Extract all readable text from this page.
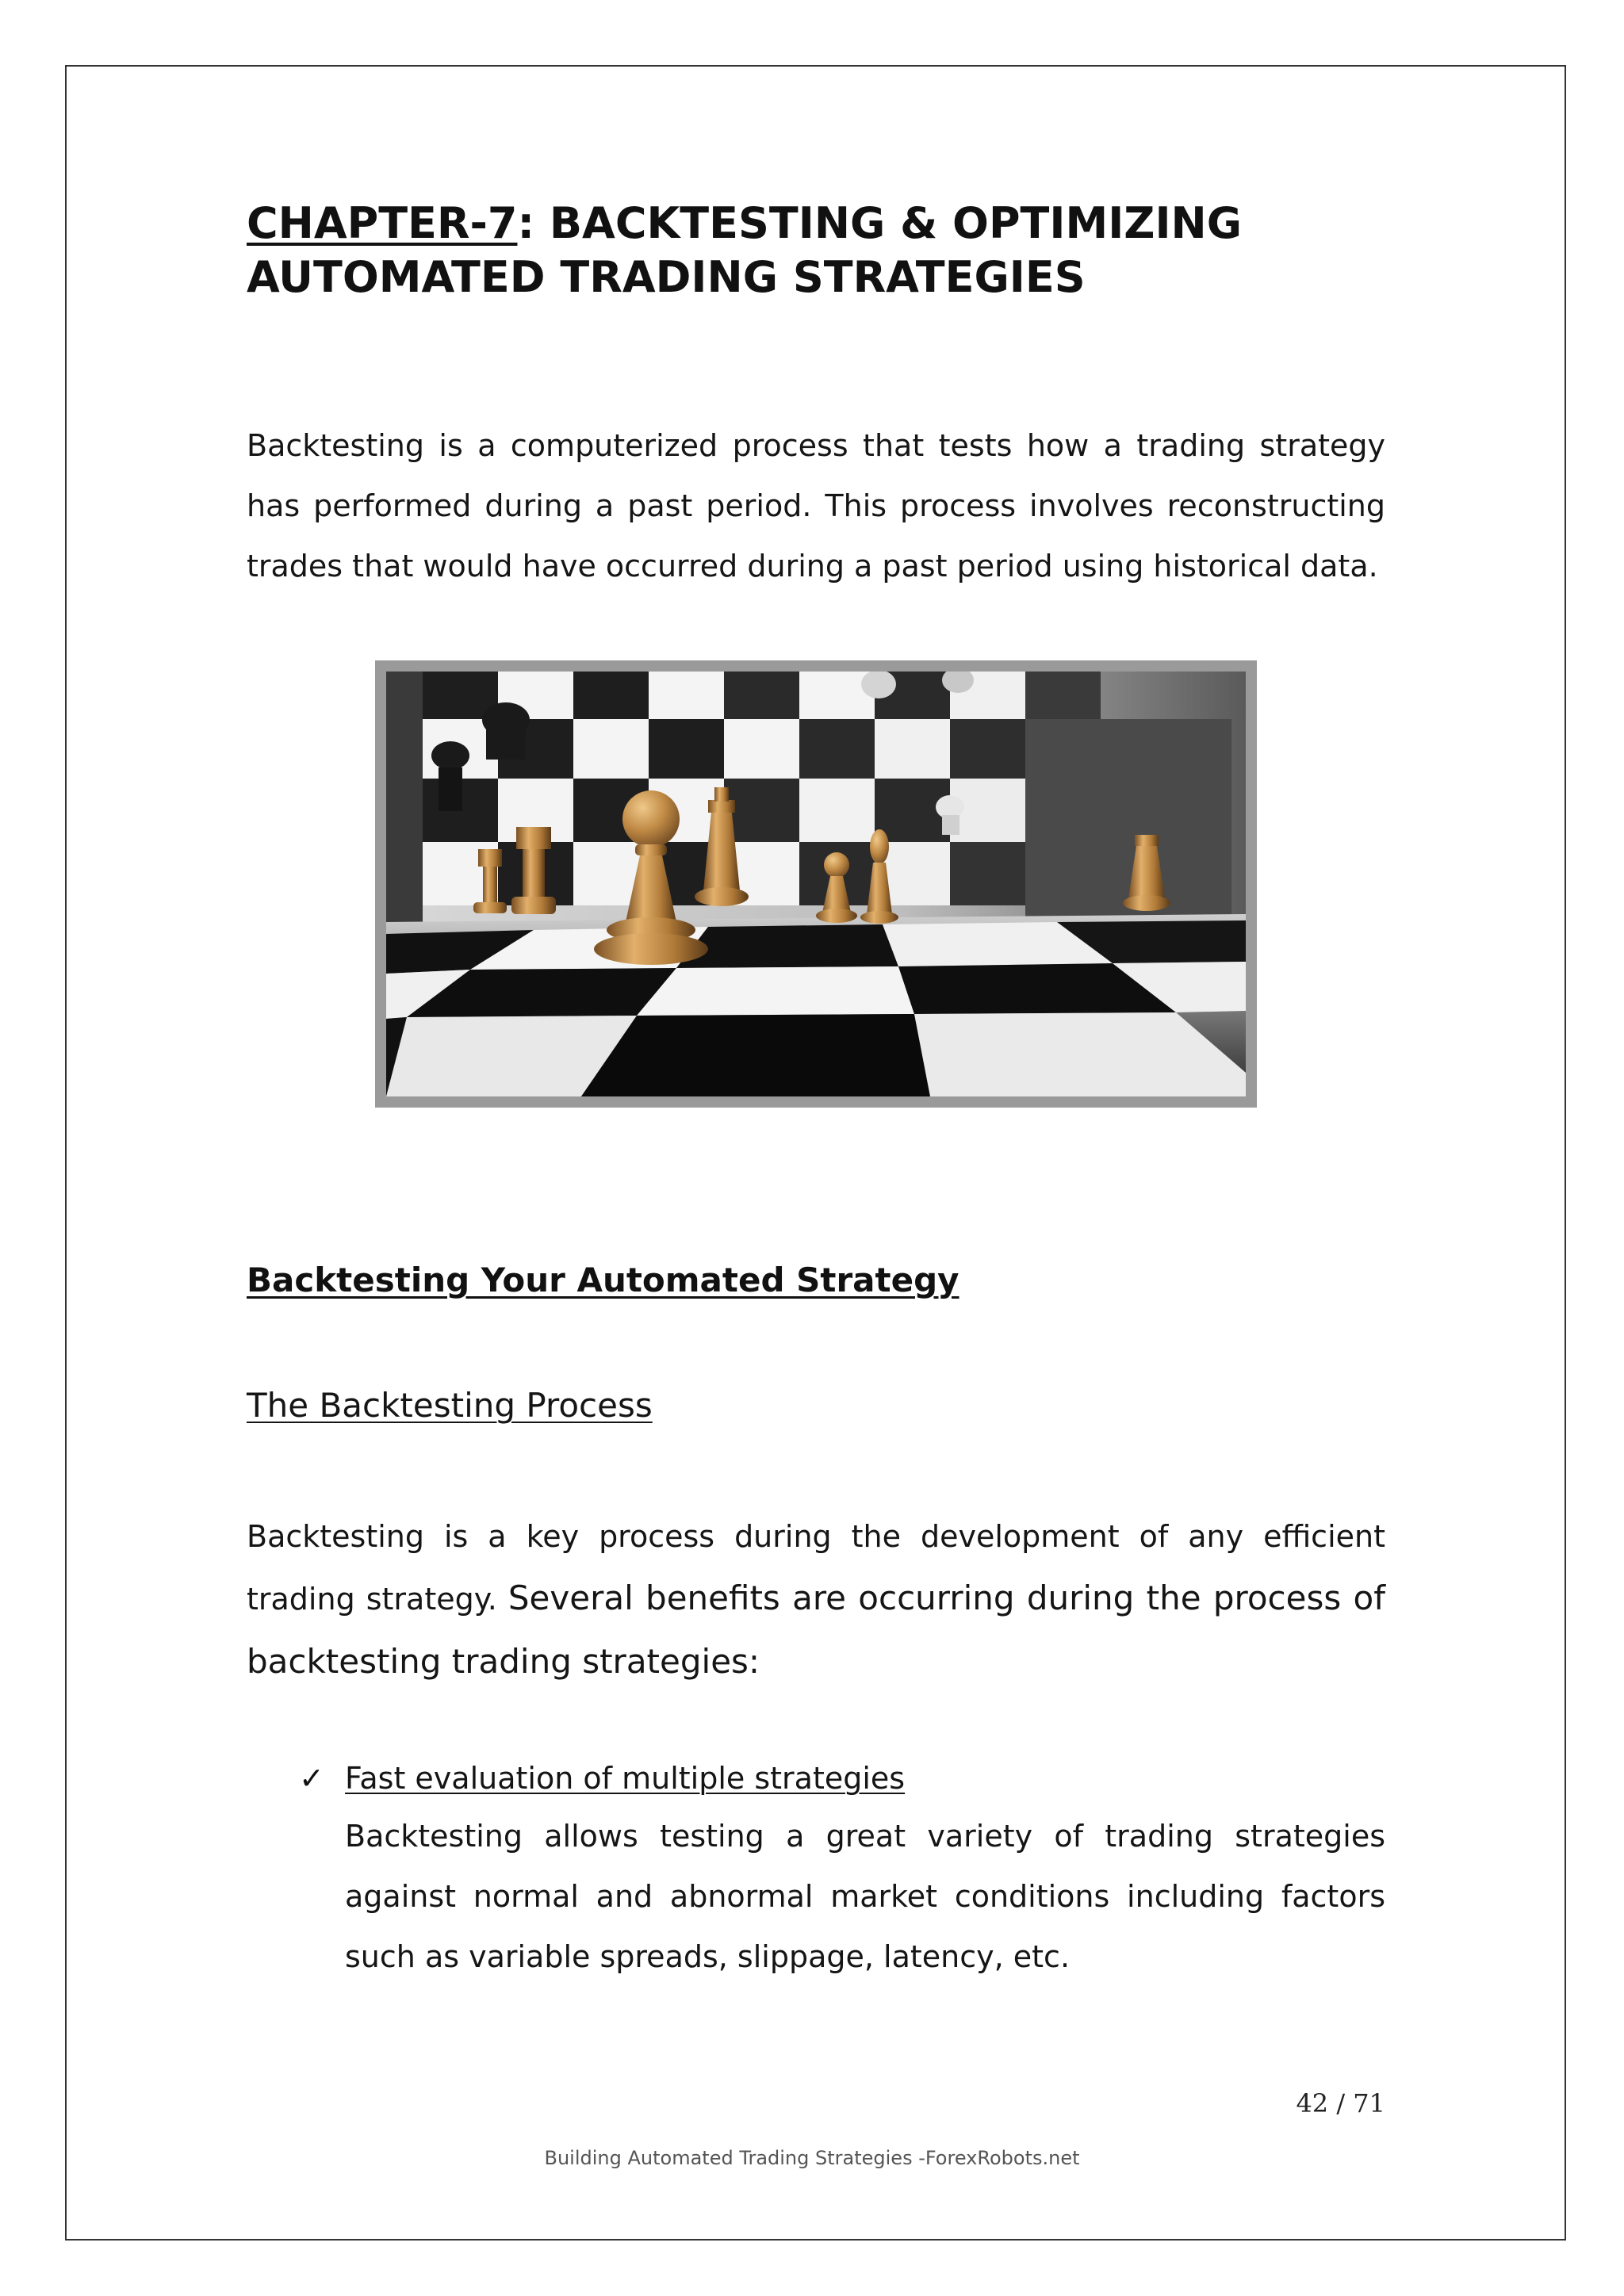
CHAPTER-7: BACKTESTING & OPTIMIZING
AUTOMATED TRADING STRATEGIES

Backtesting is a computerized process that tests how a trading strategy has performed during a past period. This process involves reconstructing trades that would have occurred during a past period using historical data.

Backtesting Your Automated Strategy
The Backtesting Process

Backtesting is a key process during the development of any efficient trading strategy. Several benefits are occurring during the process of backtesting trading strategies:

✓ Fast evaluation of multiple strategies

Backtesting allows testing a great variety of trading strategies against normal and abnormal market conditions including factors such as variable spreads, slippage, latency, etc.

42 / 71
Building Automated Trading Strategies -ForexRobots.net
